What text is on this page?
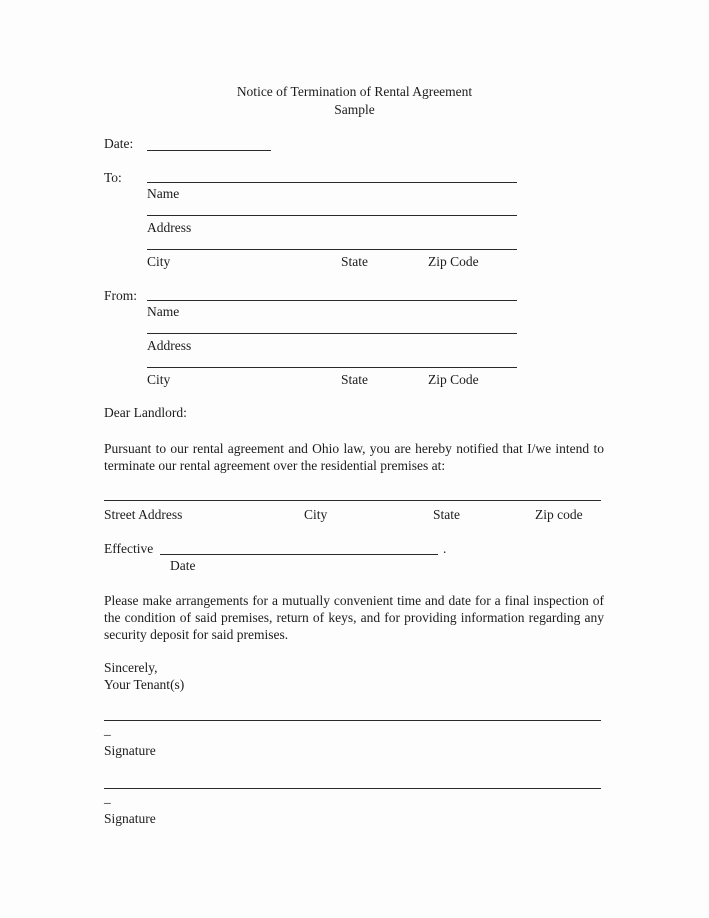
Notice of Termination of Rental Agreement
Sample
Date:
To:
Name
Address
City	State	Zip Code
From:
Name
Address
City	State	Zip Code
Dear Landlord:
Pursuant to our rental agreement and Ohio law, you are hereby notified that I/we intend to terminate our rental agreement over the residential premises at:
Street Address	City	State	Zip code
Effective	.
Date
Please make arrangements for a mutually convenient time and date for a final inspection of the condition of said premises, return of keys, and for providing information regarding any security deposit for said premises.
Sincerely,
Your Tenant(s)
_
Signature
_
Signature
